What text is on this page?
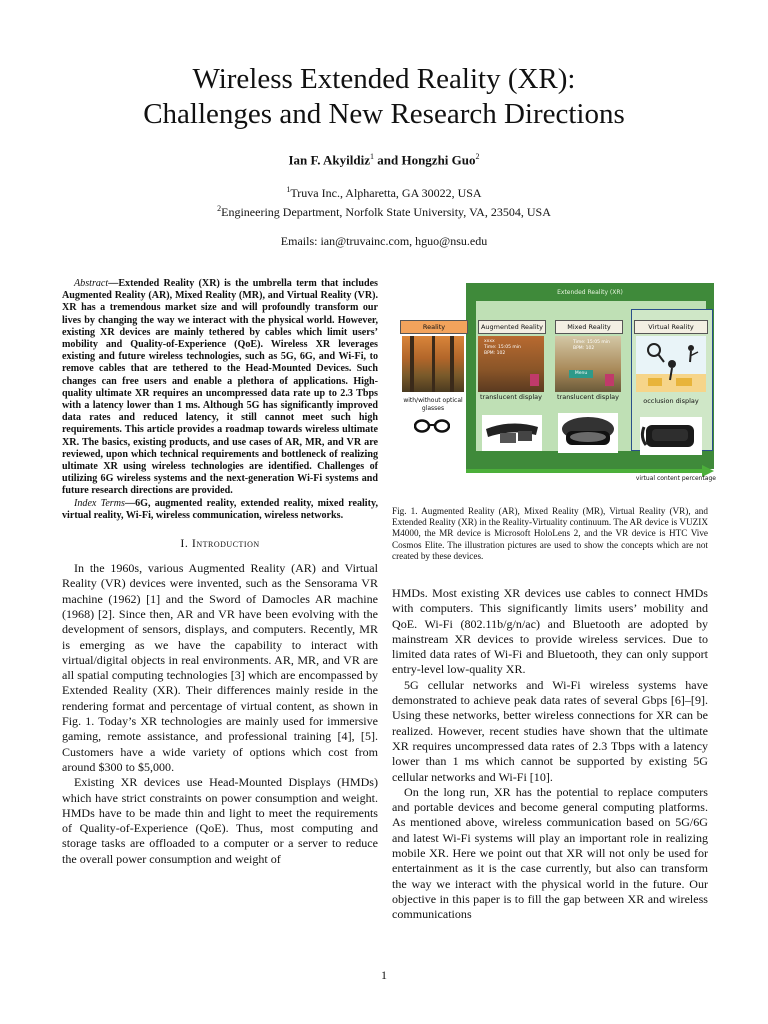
Wireless Extended Reality (XR):
Challenges and New Research Directions
Ian F. Akyildiz$^1$ and Hongzhi Guo$^2$
$^1$Truva Inc., Alpharetta, GA 30022, USA
$^2$Engineering Department, Norfolk State University, VA, 23504, USA
Emails: ian@truvainc.com, hguo@nsu.edu

Abstract—Extended Reality (XR) is the umbrella term that includes Augmented Reality (AR), Mixed Reality (MR), and Virtual Reality (VR). XR has a tremendous market size and will profoundly transform our lives by changing the way we interact with the physical world. However, existing XR devices are mainly tethered by cables which limit users’ mobility and Quality-of-Experience (QoE). Wireless XR leverages existing and future wireless technologies, such as 5G, 6G, and Wi-Fi, to remove cables that are tethered to the Head-Mounted Devices. Such changes can free users and enable a plethora of applications. High-quality ultimate XR requires an uncompressed data rate up to 2.3 Tbps with a latency lower than 1 ms. Although 5G has significantly improved data rates and reduced latency, it still cannot meet such high requirements. This article provides a roadmap towards wireless ultimate XR. The basics, existing products, and use cases of AR, MR, and VR are reviewed, upon which technical requirements and bottleneck of realizing ultimate XR using wireless technologies are identified. Challenges of utilizing 6G wireless systems and the next-generation Wi-Fi systems and future research directions are provided.

Index Terms—6G, augmented reality, extended reality, mixed reality, virtual reality, Wi-Fi, wireless communication, wireless networks.

I. Introduction

In the 1960s, various Augmented Reality (AR) and Virtual Reality (VR) devices were invented, such as the Sensorama VR machine (1962) [1] and the Sword of Damocles AR machine (1968) [2]. Since then, AR and VR have been evolving with the development of sensors, displays, and computers. Recently, MR is emerging as we have the capability to interact with virtual/digital objects in real environments. AR, MR, and VR are all spatial computing technologies [3] which are encompassed by Extended Reality (XR). Their differences mainly reside in the rendering format and percentage of virtual content, as shown in Fig. 1. Today’s XR technologies are mainly used for immersive gaming, remote assistance, and professional training [4], [5]. Customers have a wide variety of options which cost from around $300 to $5,000.

Existing XR devices use Head-Mounted Displays (HMDs) which have strict constraints on power consumption and weight. HMDs have to be made thin and light to meet the requirements of Quality-of-Experience (QoE). Thus, most computing and storage tasks are offloaded to a computer or a server to reduce the overall power consumption and weight of

Extended Reality (XR)
Reality	Augmented Reality	Mixed Reality	Virtual Reality
xxxx
Time: 15:05 min
BPM: 102
Time: 15:05 min
BPM: 102
Menu
with/without optical glasses
translucent display	translucent display	occlusion display
virtual content percentage

Fig. 1. Augmented Reality (AR), Mixed Reality (MR), Virtual Reality (VR), and Extended Reality (XR) in the Reality-Virtuality continuum. The AR device is VUZIX M4000, the MR device is Microsoft HoloLens 2, and the VR device is HTC Vive Cosmos Elite. The illustration pictures are used to show the concepts which are not created by these devices.

HMDs. Most existing XR devices use cables to connect HMDs with computers. This significantly limits users’ mobility and QoE. Wi-Fi (802.11b/g/n/ac) and Bluetooth are adopted by mainstream XR devices to provide wireless services. Due to limited data rates of Wi-Fi and Bluetooth, they can only support entry-level low-quality XR.

5G cellular networks and Wi-Fi wireless systems have demonstrated to achieve peak data rates of several Gbps [6]–[9]. Using these networks, better wireless connections for XR can be realized. However, recent studies have shown that the ultimate XR requires uncompressed data rates of 2.3 Tbps with a latency lower than 1 ms which cannot be supported by existing 5G cellular networks and Wi-Fi [10].

On the long run, XR has the potential to replace computers and portable devices and become general computing platforms. As mentioned above, wireless communication based on 5G/6G and latest Wi-Fi systems will play an important role in realizing mobile XR. Here we point out that XR will not only be used for entertainment as it is the case currently, but also can transform the way we interact with the physical world in the future. Our objective in this paper is to fill the gap between XR and wireless communications

1
